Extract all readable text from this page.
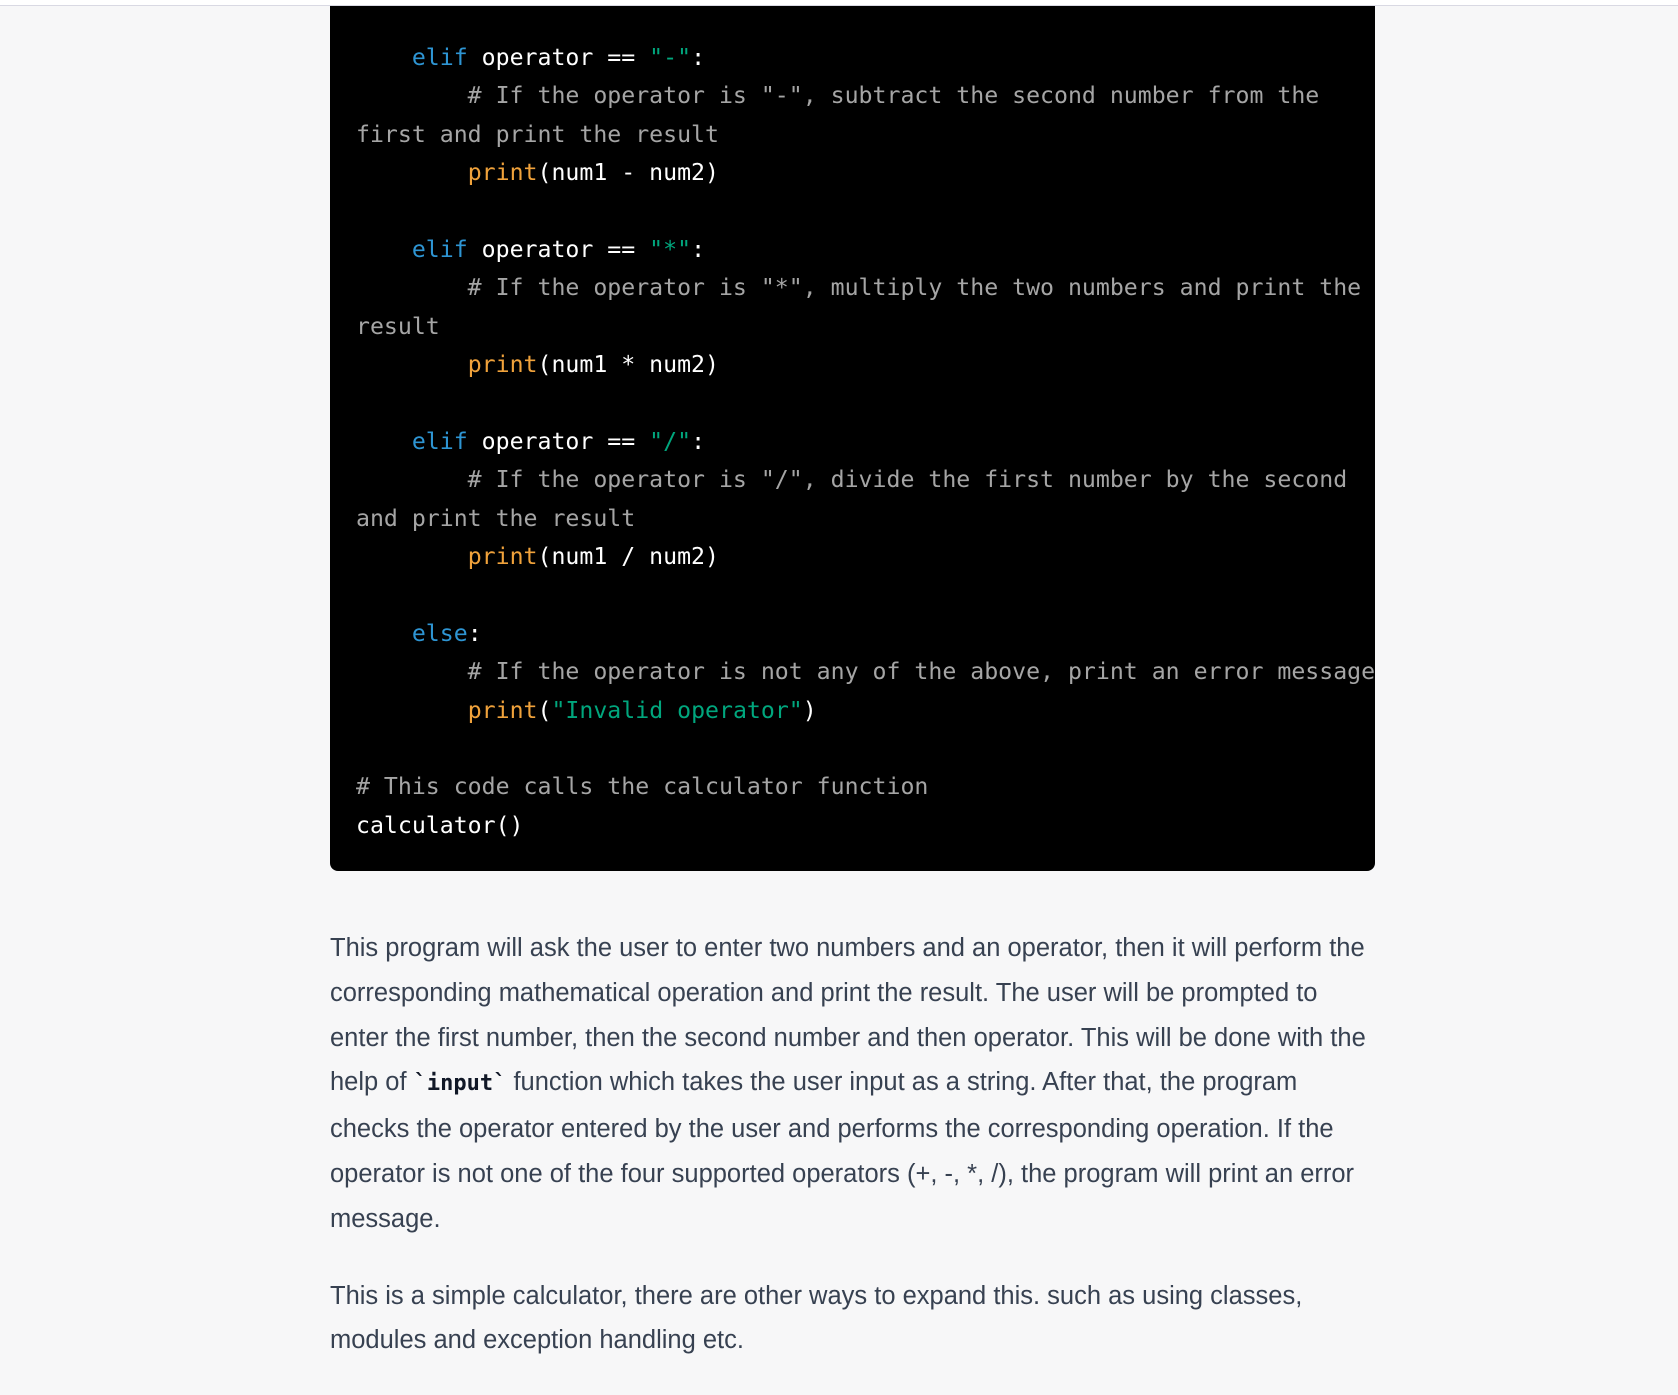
elif operator == "-":
# If the operator is "-", subtract the second number from the
first and print the result
print(num1 - num2)
elif operator == "*":
# If the operator is "*", multiply the two numbers and print the
result
print(num1 * num2)
elif operator == "/":
# If the operator is "/", divide the first number by the second
and print the result
print(num1 / num2)
else:
# If the operator is not any of the above, print an error message
print("Invalid operator")
# This code calls the calculator function
calculator()

This program will ask the user to enter two numbers and an operator, then it will perform the corresponding mathematical operation and print the result. The user will be prompted to enter the first number, then the second number and then operator. This will be done with the help of `input` function which takes the user input as a string. After that, the program checks the operator entered by the user and performs the corresponding operation. If the operator is not one of the four supported operators (+, -, *, /), the program will print an error message.

This is a simple calculator, there are other ways to expand this. such as using classes, modules and exception handling etc.
